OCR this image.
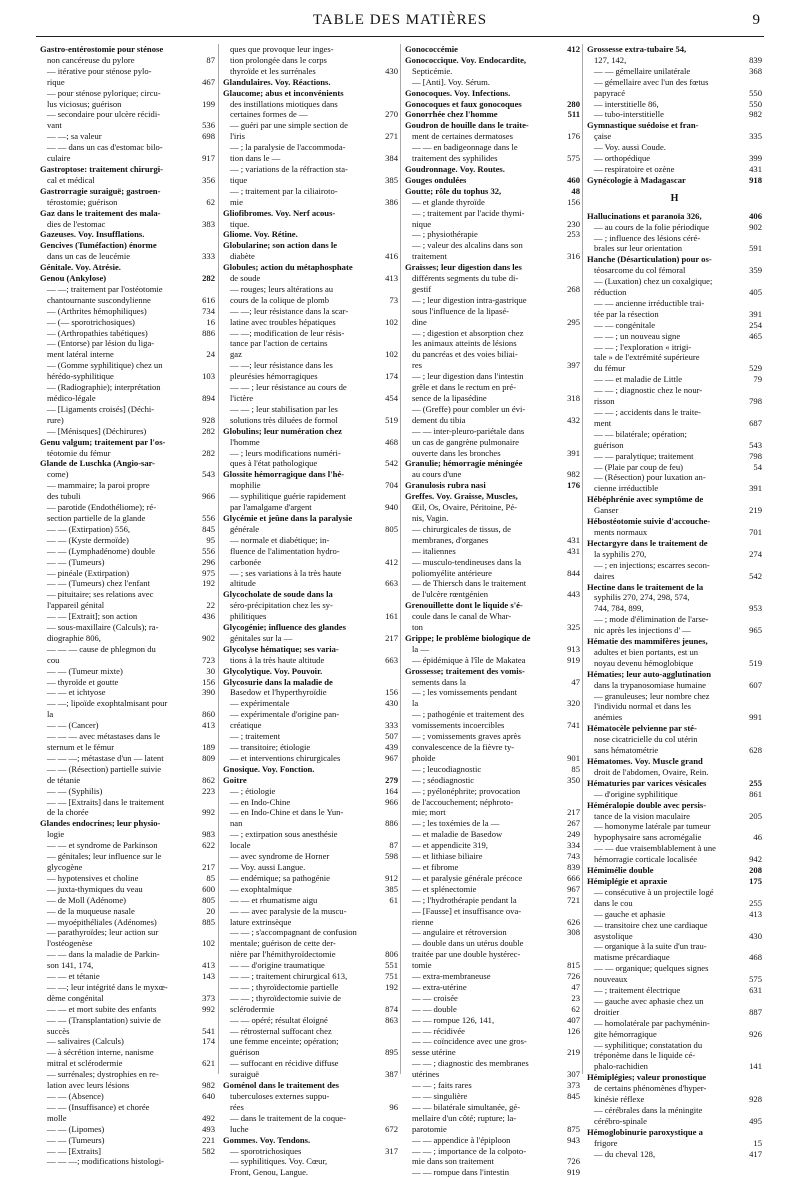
TABLE DES MATIÈRES	9
Gastro-entérostomie pour sténose
non cancéreuse du pylore	87
— itérative pour sténose pylo-
rique	467
— pour sténose pylorique; circu-
lus viciosus; guérison	199
— secondaire pour ulcère récidi-
vant	536
— —; sa valeur	698
— — dans un cas d'estomac bilo-
culaire	917
Gastroptose: traitement chirurgi-
cal et médical	356
Gastrorragie suraiguë; gastroen-
térostomie; guérison	62
Gaz dans le traitement des mala-
dies de l'estomac	383
Gazeuses. Voy. Insufflations.
Gencives (Tuméfaction) énorme
dans un cas de leucémie	333
Génitale. Voy. Atrésie.
Genou (Ankylose)	282
— —; traitement par l'ostéotomie
chantournante suscondylienne	616
— (Arthrites hémophiliques)	734
— (— sporotrichosiques)	16
— (Arthropathies tabétiques)	886
— (Entorse) par lésion du liga-
ment latéral interne	24
— (Gomme syphilitique) chez un
hérédo-syphilitique	103
— (Radiographie); interprétation
médico-légale	894
— [Ligaments croisés] (Déchi-
rure)	928
— [Ménisques] (Déchirures)	282
Genu valgum; traitement par l'os-
téotomie du fémur	282
Glande de Luschka (Angio-sar-
come)	543
— mammaire; la paroi propre
des tubuli	966
— parotide (Endothéliome); ré-
section partielle de la glande	556
— — (Extirpation) 556,	845
— — (Kyste dermoïde)	95
— — (Lymphadénome) double	556
— — (Tumeurs)	296
— pinéale (Extirpation)	975
— — (Tumeurs) chez l'enfant	192
— pituitaire; ses relations avec
l'appareil génital	22
— — [Extrait]; son action	436
— sous-maxillaire (Calculs); ra-
diographie 806,	902
— — — cause de phlegmon du
cou	723
— — (Tumeur mixte)	30
— thyroïde et goutte	156
— — et ichtyose	390
— —; lipoïde exophtalmisant pour
la	860
— — (Cancer)	413
— — — avec métastases dans le
sternum et le fémur	189
— — —; métastase d'un — latent	809
— — (Résection) partielle suivie
de tétanie	862
— — (Syphilis)	223
— — [Extraits] dans le traitement
de la chorée	992
Glandes endocrines; leur physio-
logie	983
— — et syndrome de Parkinson	622
— génitales; leur influence sur le
glycogène	217
— hypotensives et choline	85
— juxta-thymiques du veau	600
— de Moll (Adénome)	805
— de la muqueuse nasale	20
— myoépithéliales (Adénomes)	885
— parathyroïdes; leur action sur
l'ostéogenèse	102
— — dans la maladie de Parkin-
son 141, 174,	413
— — et tétanie	143
— —; leur intégrité dans le myxœ-
dème congénital	373
— — et mort subite des enfants	992
— — (Transplantation) suivie de
succès	541
— salivaires (Calculs)	174
— à sécrétion interne, nanisme
mitral et sclérodermie	621
— surrénales; dystrophies en re-
lation avec leurs lésions	982
— — (Absence)	640
— — (Insuffisance) et chorée
molle	492
— — (Lipomes)	493
— — (Tumeurs)	221
— — [Extraits]	582
— — —; modifications histologi-
ques que provoque leur inges-
tion prolongée dans le corps
thyroïde et les surrénales	430
Glandulaires. Voy. Réactions.
Glaucome; abus et inconvénients
des instillations miotiques dans
certaines formes de —	270
— guéri par une simple section de
l'iris	271
— ; la paralysie de l'accommoda-
tion dans le —	384
— ; variations de la réfraction sta-
tique	385
— ; traitement par la ciliairoto-
mie	386
Gliofibromes. Voy. Nerf acous-
tique.
Gliome. Voy. Rétine.
Globularine; son action dans le
diabète	416
Globules; action du métaphosphate
de soude	413
— rouges; leurs altérations au
cours de la colique de plomb	73
— —; leur résistance dans la scar-
latine avec troubles hépatiques	102
— —; modification de leur résis-
tance par l'action de certains
gaz	102
— —; leur résistance dans les
pleurésies hémorragiques	174
— — ; leur résistance au cours de
l'ictère	454
— — ; leur stabilisation par les
solutions très diluées de formol	519
Globulins; leur numération chez
l'homme	468
— ; leurs modifications numéri-
ques à l'état pathologique	542
Glossite hémorragique dans l'hé-
mophilie	704
— syphilitique guérie rapidement
par l'amalgame d'argent	940
Glycémie et jeûne dans la paralysie
générale	805
— normale et diabétique; in-
fluence de l'alimentation hydro-
carbonée	412
— ; ses variations à la très haute
altitude	663
Glycocholate de soude dans la
séro-précipitation chez les sy-
philitiques	161
Glycogénie; influence des glandes
génitales sur la —	217
Glycolyse hématique; ses varia-
tions à la très haute altitude	663
Glycolytique. Voy. Pouvoir.
Glycosurie dans la maladie de
Basedow et l'hyperthyroïdie	156
— expérimentale	430
— expérimentale d'origine pan-
créatique	333
— ; traitement	507
— transitoire; étiologie	439
— et interventions chirurgicales	967
Gnosique. Voy. Fonction.
Goitre	279
— ; étiologie	164
— en Indo-Chine	966
— en Indo-Chine et dans le Yun-
nan	886
— ; extirpation sous anesthésie
locale	87
— avec syndrome de Horner	598
— Voy. aussi Langue.
— endémique; sa pathogénie	912
— exophtalmique	385
— — et rhumatisme aigu	61
— — avec paralysie de la muscu-
lature extrinsèque
— — ; s'accompagnant de confusion
mentale; guérison de cette der-
nière par l'hémithyroïdectomie	806
— — d'origine traumatique	551
— — ; traitement chirurgical 613,	751
— — ; thyroïdectomie partielle	192
— — ; thyroïdectomie suivie de
sclérodermie	874
— — opéré; résultat éloigné	863
— rétrosternal suffocant chez
une femme enceinte; opération;
guérison	895
— suffocant en récidive diffuse
suraiguë	387
Goménol dans le traitement des
tuberculoses externes suppu-
rées	96
— dans le traitement de la coque-
luche	672
Gommes. Voy. Tendons.
— sporotrichosiques	317
— syphilitiques. Voy. Cœur,
Front, Genou, Langue.
Gonococcémie	412
Gonococcique. Voy. Endocardite,
Septicémie.
— [Anti]. Voy. Sérum.
Gonocoques. Voy. Infections.
Gonocoques et faux gonocoques	280
Gonorrhée chez l'homme	511
Goudron de houille dans le traite-
ment de certaines dermatoses	176
— — en badigeonnage dans le
traitement des syphilides	575
Goudronnage. Voy. Routes.
Gouges ondulées	460
Goutte; rôle du tophus 32,	48
— et glande thyroïde	156
— ; traitement par l'acide thymi-
nique	230
— ; physiothérapie	253
— ; valeur des alcalins dans son
traitement	316
Graisses; leur digestion dans les
différents segments du tube di-
gestif	268
— ; leur digestion intra-gastrique
sous l'influence de la lipasé-
dine	295
— ; digestion et absorption chez
les animaux atteints de lésions
du pancréas et des voies biliai-
res	397
— ; leur digestion dans l'intestin
grêle et dans le rectum en pré-
sence de la lipasédine	318
— (Greffe) pour combler un évi-
dement du tibia	432
— — inter-pleuro-pariétale dans
un cas de gangrène pulmonaire
ouverte dans les bronches	391
Granulie; hémorragie méningée
au cours d'une	982
Granulosis rubra nasi	176
Greffes. Voy. Graisse, Muscles,
Œil, Os, Ovaire, Péritoine, Pé-
nis, Vagin.
— chirurgicales de tissus, de
membranes, d'organes	431
— italiennes	431
— musculo-tendineuses dans la
poliomyélite antérieure	844
— de Thiersch dans le traitement
de l'ulcère rœntgénien	443
Grenouillette dont le liquide s'é-
coule dans le canal de Whar-
ton	325
Grippe; le problème biologique de
la —	913
— épidémique à l'île de Makatea	919
Grossesse; traitement des vomis-
sements dans la	47
— ; les vomissements pendant
la	320
— ; pathogénie et traitement des
vomissements incoercibles	741
— ; vomissements graves après
convalescence de la fièvre ty-
phoïde	901
— ; leucodiagnostic	85
— ; séodiagnostic	350
— ; pyélonéphrite; provocation
de l'accouchement; néphroto-
mie; mort	217
— ; les toxémies de la —	267
— et maladie de Basedow	249
— et appendicite 319,	334
— et lithiase biliaire	743
— et fibrome	839
— et paralysie générale précoce	666
— et splénectomie	967
— ; l'hydrothérapie pendant la	721
— [Fausse] et insuffisance ova-
rienne	626
— angulaire et rétroversion	308
— double dans un utérus double
traitée par une double hystérec-
tomie	815
— extra-membraneuse	726
— extra-utérine	47
— — croisée	23
— — double	62
— — rompue 126, 141,	407
— — récidivée	126
— — coïncidence avec une gros-
sesse utérine	219
— — ; diagnostic des membranes
utérines	307
— — ; faits rares	373
— — singulière	845
— — bilatérale simultanée, gé-
mellaire d'un côté; rupture; la-
parotomie	875
— — appendice à l'épiploon	943
— — ; importance de la colpoto-
mie dans son traitement	726
— — rompue dans l'intestin	919
Grossesse extra-tubaire 54,
127, 142,	839
— — gémellaire unilatérale	368
— gémellaire avec l'un des fœtus
papyracé	550
— interstitielle 86,	550
— tubo-interstitielle	982
Gymnastique suédoise et fran-
çaise	335
— Voy. aussi Coude.
— orthopédique	399
— respiratoire et ozène	431
Gynécologie à Madagascar	918
H
Hallucinations et paranoïa 326,	406
— au cours de la folie périodique	902
— ; influence des lésions céré-
brales sur leur orientation	591
Hanche (Désarticulation) pour os-
téosarcome du col fémoral	359
— (Luxation) chez un coxalgique;
réduction	405
— — ancienne irréductible trai-
tée par la résection	391
— — congénitale	254
— — ; un nouveau signe	465
— — ; l'exploration « itrigi-
tale » de l'extrémité supérieure
du fémur	529
— — et maladie de Little	79
— — ; diagnostic chez le nour-
risson	798
— — ; accidents dans le traite-
ment	687
— — bilatérale; opération;
guérison	543
— — paralytique; traitement	798
— (Plaie par coup de feu)	54
— (Résection) pour luxation an-
cienne irréductible	391
Hébéphrénie avec symptôme de
Ganser	219
Hébostéotomie suivie d'accouche-
ments normaux	701
Hectargyre dans le traitement de
la syphilis 270,	274
— ; en injections; escarres secon-
daires	542
Hectine dans le traitement de la
syphilis 270, 274, 298, 574,
744, 784, 899,	953
— ; mode d'élimination de l'arse-
nic après les injections d' —	965
Hématie des mammifères jeunes,
adultes et bien portants, est un
noyau devenu hémoglobique	519
Hématies; leur auto-agglutination
dans la trypanosomiase humaine	607
— granuleuses; leur nombre chez
l'individu normal et dans les
anémies	991
Hématocèle pelvienne par sté-
nose cicatricielle du col utérin
sans hématométrie	628
Hématomes. Voy. Muscle grand
droit de l'abdomen, Ovaire, Rein.
Hématuries par varices vésicales	255
— d'origine syphilitique	861
Héméralopie double avec persis-
tance de la vision maculaire	205
— homonyme latérale par tumeur
hypophysaire sans acromégalie	46
— — due vraisemblablement à une
hémorragie corticale localisée	942
Hémimélie double	208
Hémiplégie et apraxie	175
— consécutive à un projectile logé
dans le cou	255
— gauche et aphasie	413
— transitoire chez une cardiaque
asystolique	430
— organique à la suite d'un trau-
matisme précardiaque	468
— — organique; quelques signes
nouveaux	575
— ; traitement électrique	631
— gauche avec aphasie chez un
droitier	887
— homolatérale par pachyménin-
gite hémorragique	926
— syphilitique; constatation du
tréponème dans le liquide cé-
phalo-rachidien	141
Hémiplégies; valeur pronostique
de certains phénomènes d'hyper-
kinésie réflexe	928
— cérébrales dans la méningite
cérébro-spinale	495
Hémoglobinurie paroxystique a
frigore	15
— du cheval 128,	417
